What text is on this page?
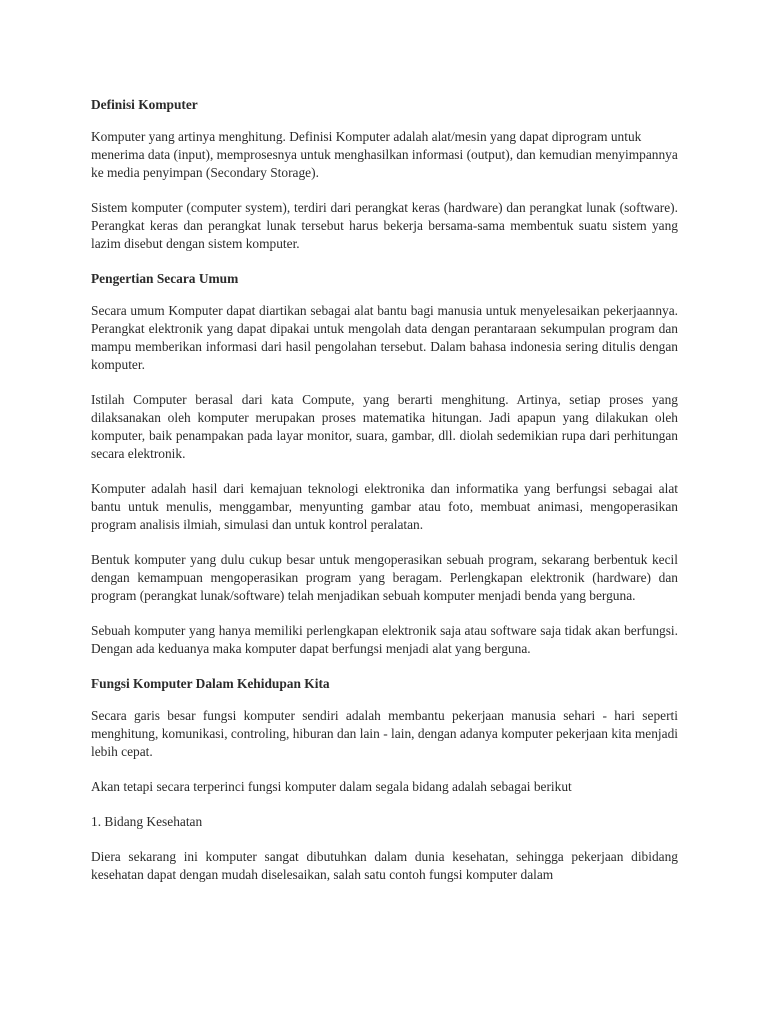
Definisi Komputer
Komputer yang artinya menghitung. Definisi Komputer adalah alat/mesin yang dapat diprogram untuk menerima data (input), memprosesnya untuk menghasilkan informasi (output), dan kemudian menyimpannya ke media penyimpan (Secondary Storage).
Sistem komputer (computer system), terdiri dari perangkat keras (hardware) dan perangkat lunak (software). Perangkat keras dan perangkat lunak tersebut harus bekerja bersama-sama membentuk suatu sistem yang lazim disebut dengan sistem komputer.
Pengertian Secara Umum
Secara umum Komputer dapat diartikan sebagai alat bantu bagi manusia untuk menyelesaikan pekerjaannya. Perangkat elektronik yang dapat dipakai untuk mengolah data dengan perantaraan sekumpulan program dan mampu memberikan informasi dari hasil pengolahan tersebut. Dalam bahasa indonesia sering ditulis dengan komputer.
Istilah Computer berasal dari kata Compute, yang berarti menghitung. Artinya, setiap proses yang dilaksanakan oleh komputer merupakan proses matematika hitungan. Jadi apapun yang dilakukan oleh komputer, baik penampakan pada layar monitor, suara, gambar, dll. diolah sedemikian rupa dari perhitungan secara elektronik.
Komputer adalah hasil dari kemajuan teknologi elektronika dan informatika yang berfungsi sebagai alat bantu untuk menulis, menggambar, menyunting gambar atau foto, membuat animasi, mengoperasikan program analisis ilmiah, simulasi dan untuk kontrol peralatan.
Bentuk komputer yang dulu cukup besar untuk mengoperasikan sebuah program, sekarang berbentuk kecil dengan kemampuan mengoperasikan program yang beragam. Perlengkapan elektronik (hardware) dan program (perangkat lunak/software) telah menjadikan sebuah komputer menjadi benda yang berguna.
Sebuah komputer yang hanya memiliki perlengkapan elektronik saja atau software saja tidak akan berfungsi. Dengan ada keduanya maka komputer dapat berfungsi menjadi alat yang berguna.
Fungsi Komputer Dalam Kehidupan Kita
Secara garis besar fungsi komputer sendiri adalah membantu pekerjaan manusia sehari - hari seperti menghitung, komunikasi, controling, hiburan dan lain - lain, dengan adanya komputer pekerjaan kita menjadi lebih cepat.
Akan tetapi secara terperinci fungsi komputer dalam segala bidang adalah sebagai berikut
1. Bidang Kesehatan
Diera sekarang ini komputer sangat dibutuhkan dalam dunia kesehatan, sehingga pekerjaan dibidang kesehatan dapat dengan mudah diselesaikan, salah satu contoh fungsi komputer dalam
